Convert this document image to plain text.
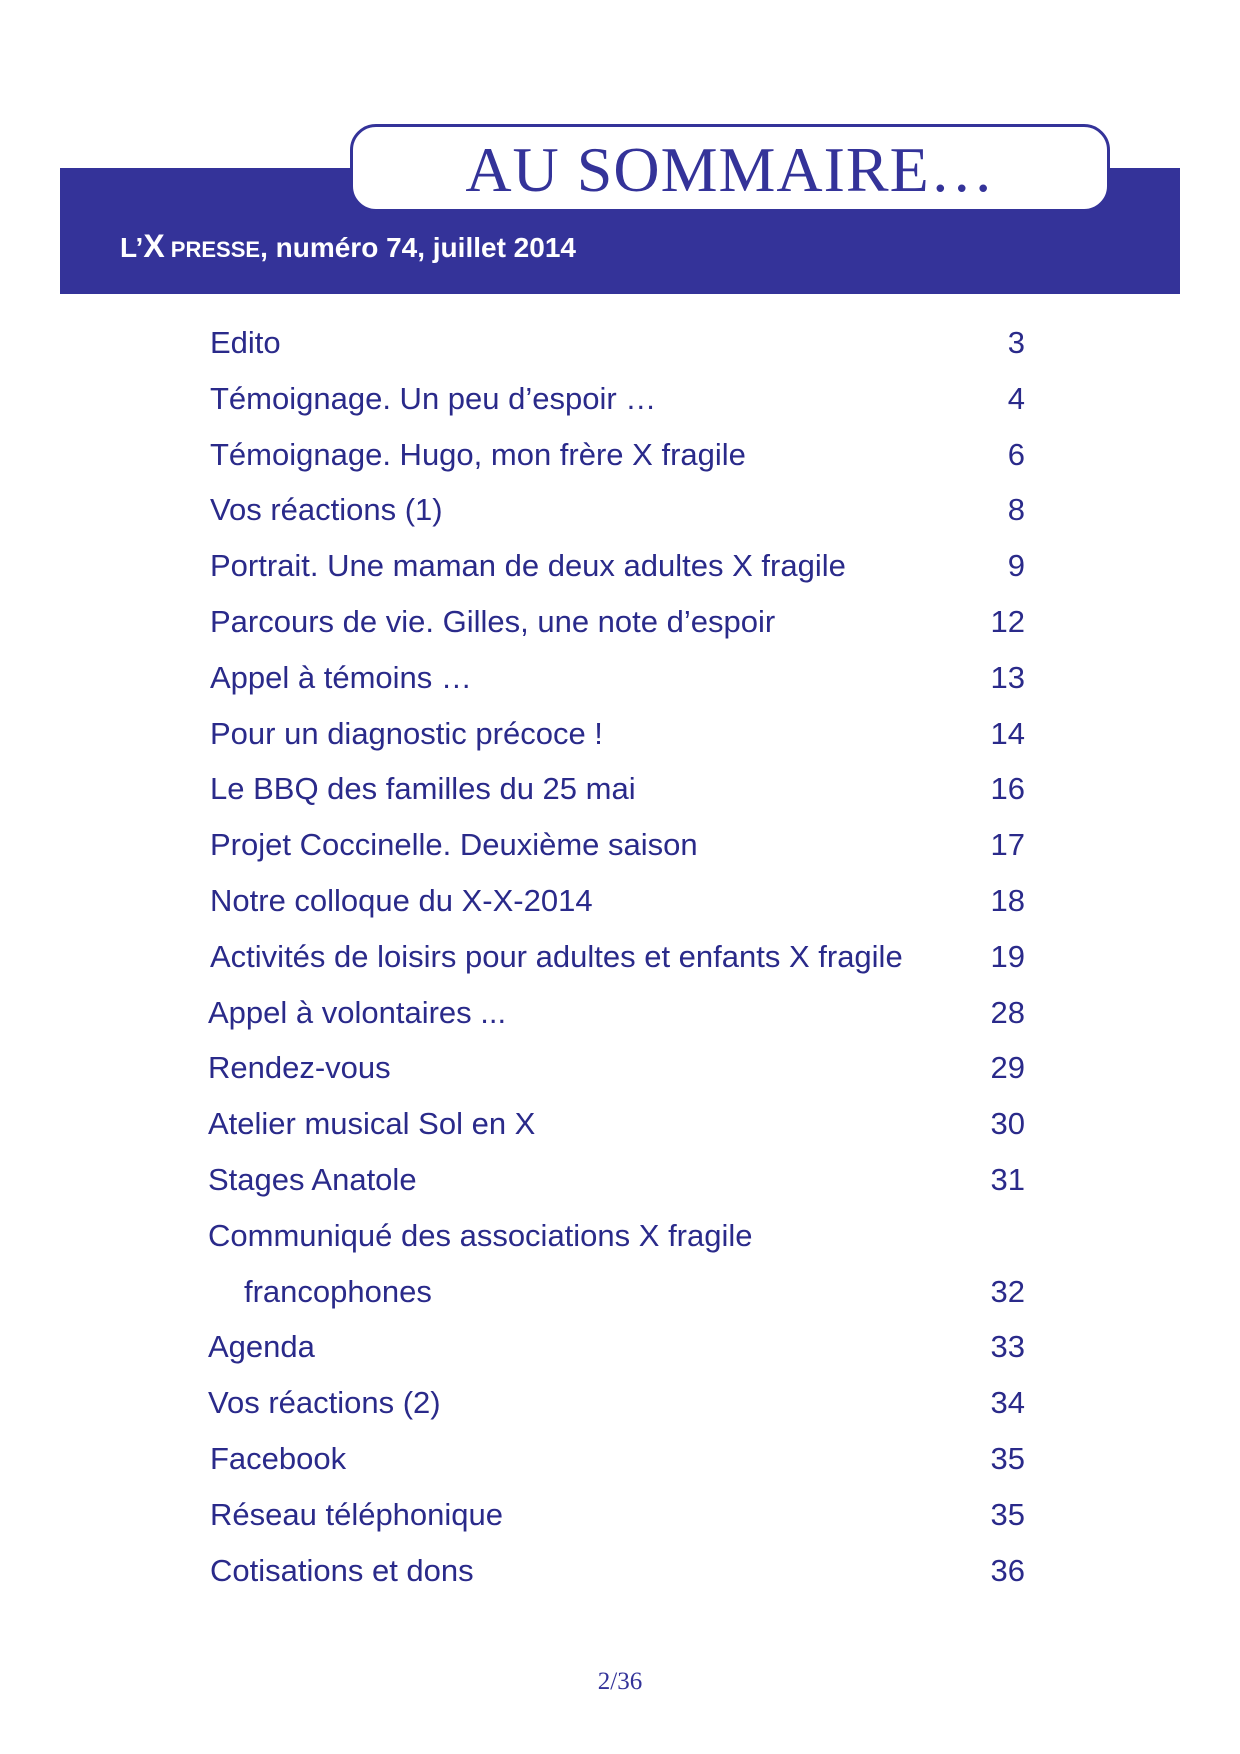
AU SOMMAIRE…
L’X PRESSE, numéro 74, juillet 2014
Edito	3
Témoignage. Un peu d’espoir …	4
Témoignage. Hugo, mon frère X fragile	6
Vos réactions (1)	8
Portrait. Une maman de deux adultes X fragile	9
Parcours de vie. Gilles, une note d’espoir	12
Appel à témoins …	13
Pour un diagnostic précoce !	14
Le BBQ des familles du 25 mai	16
Projet Coccinelle. Deuxième saison	17
Notre colloque du X-X-2014	18
Activités de loisirs pour adultes et enfants X fragile	19
Appel à volontaires ...	28
Rendez-vous	29
Atelier musical Sol en X	30
Stages Anatole	31
Communiqué des associations X fragile
francophones	32
Agenda	33
Vos réactions (2)	34
Facebook	35
Réseau téléphonique	35
Cotisations et dons	36
2/36
